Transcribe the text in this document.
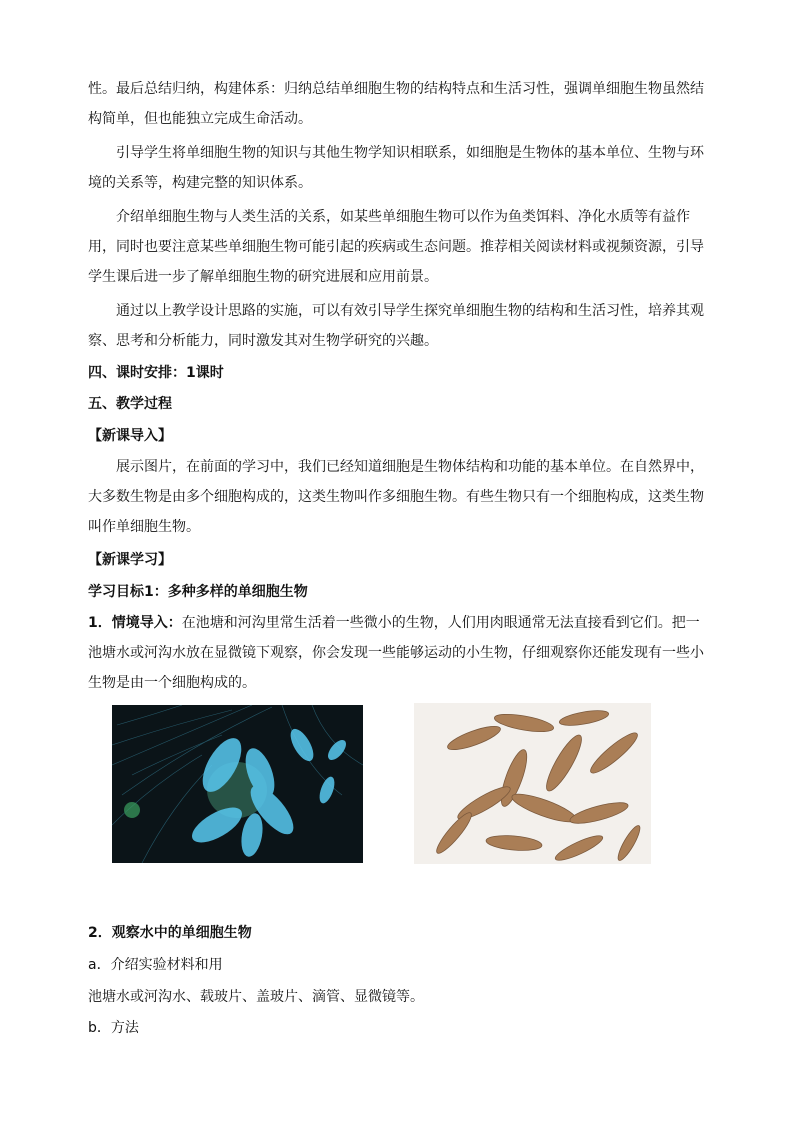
性。最后总结归纳，构建体系：归纳总结单细胞生物的结构特点和生活习性，强调单细胞生物虽然结构简单，但也能独立完成生命活动。

引导学生将单细胞生物的知识与其他生物学知识相联系，如细胞是生物体的基本单位、生物与环境的关系等，构建完整的知识体系。

介绍单细胞生物与人类生活的关系，如某些单细胞生物可以作为鱼类饵料、净化水质等有益作用，同时也要注意某些单细胞生物可能引起的疾病或生态问题。推荐相关阅读材料或视频资源，引导学生课后进一步了解单细胞生物的研究进展和应用前景。

通过以上教学设计思路的实施，可以有效引导学生探究单细胞生物的结构和生活习性，培养其观察、思考和分析能力，同时激发其对生物学研究的兴趣。

四、课时安排：1课时

五、教学过程

【新课导入】

展示图片，在前面的学习中，我们已经知道细胞是生物体结构和功能的基本单位。在自然界中，大多数生物是由多个细胞构成的，这类生物叫作多细胞生物。有些生物只有一个细胞构成，这类生物叫作单细胞生物。

【新课学习】

学习目标1：多种多样的单细胞生物

1．情境导入：在池塘和河沟里常生活着一些微小的生物，人们用肉眼通常无法直接看到它们。把一池塘水或河沟水放在显微镜下观察，你会发现一些能够运动的小生物，仔细观察你还能发现有一些小生物是由一个细胞构成的。

2．观察水中的单细胞生物

a．介绍实验材料和用

池塘水或河沟水、载玻片、盖玻片、滴管、显微镜等。

b．方法
